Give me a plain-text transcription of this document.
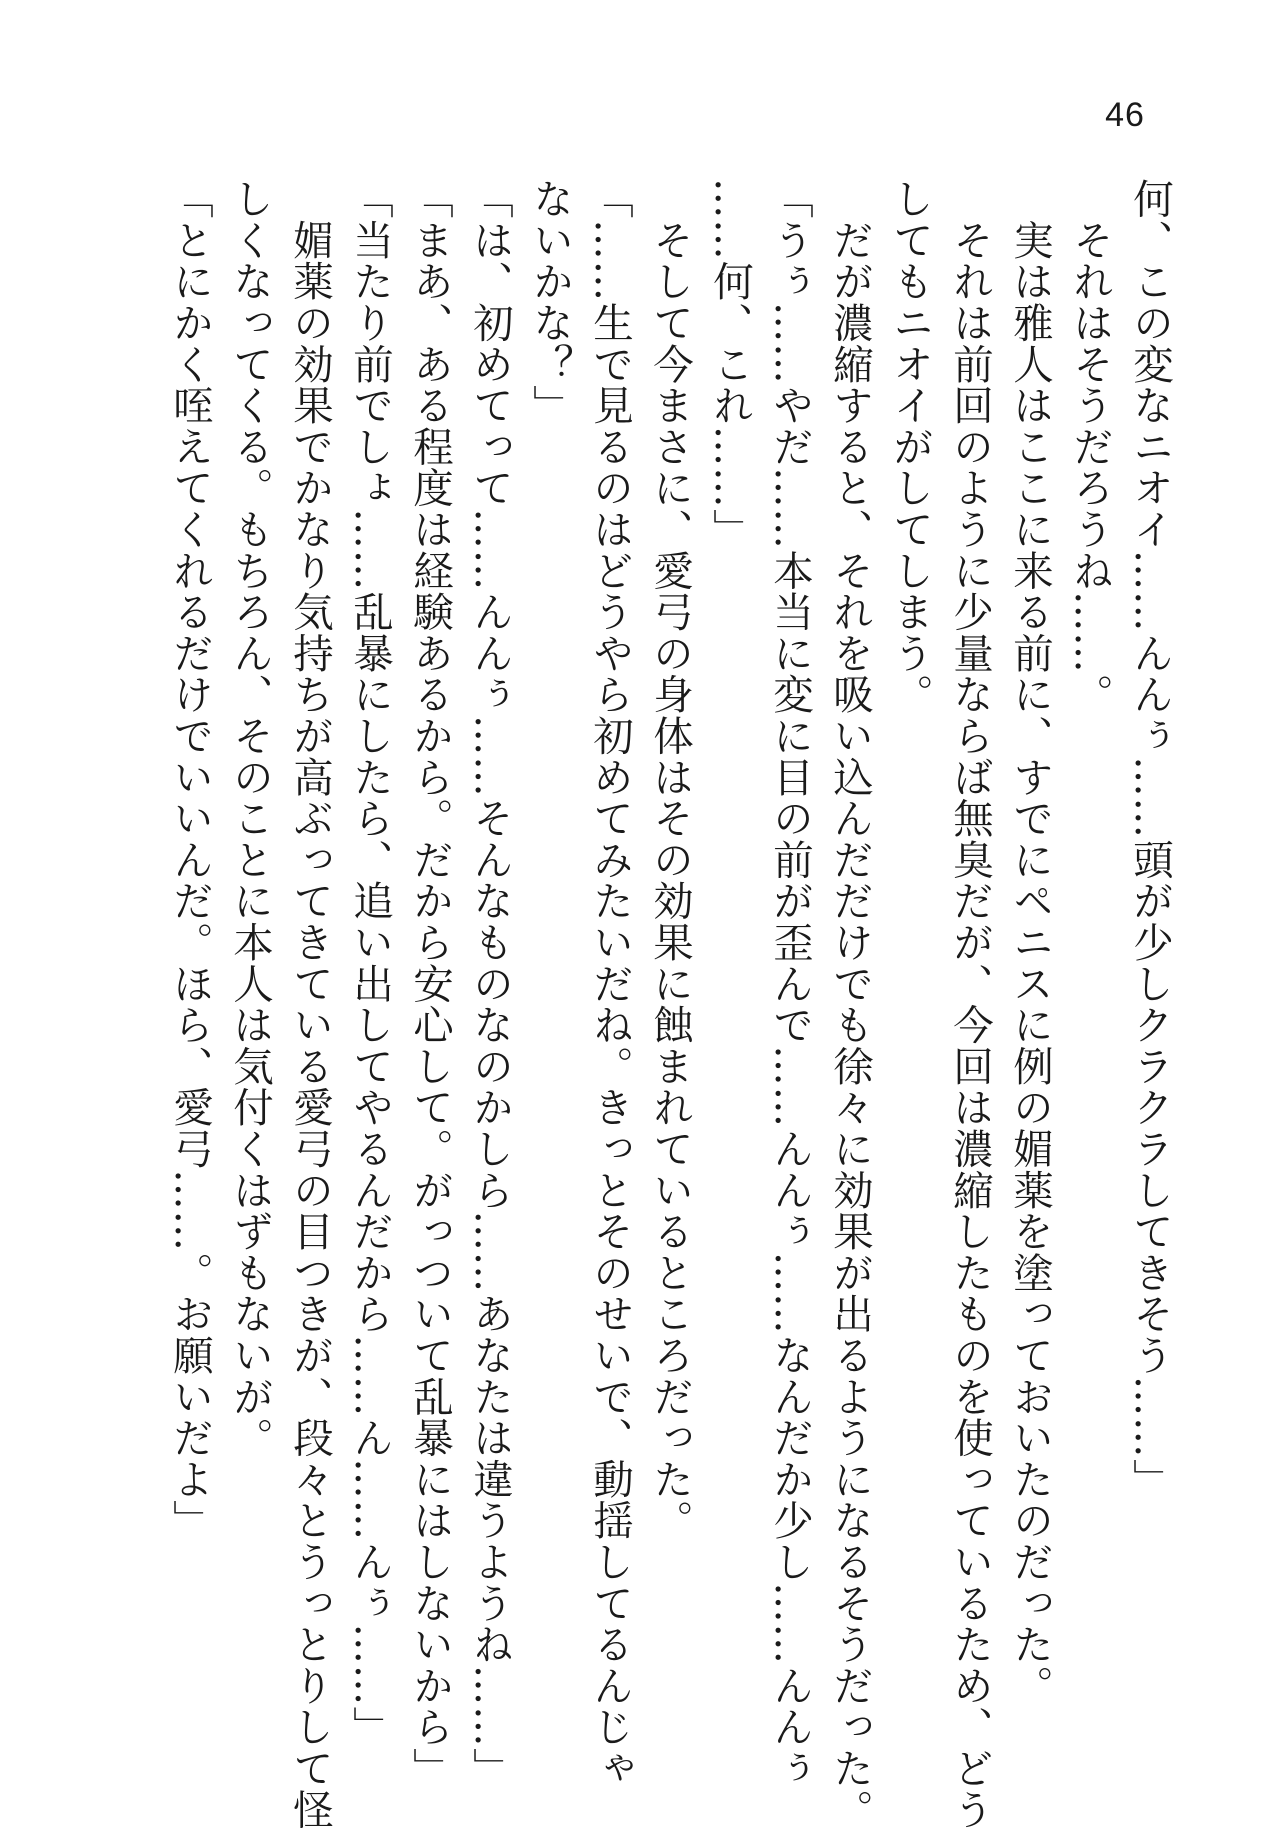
46
何、この変なニオイ……んんぅ……頭が少しクラクラしてきそう……」
　それはそうだろうね……。
　実は雅人はここに来る前に、すでにペニスに例の媚薬を塗っておいたのだった。
　それは前回のように少量ならば無臭だが、今回は濃縮したものを使っているため、どう
してもニオイがしてしまう。
　だが濃縮すると、それを吸い込んだだけでも徐々に効果が出るようになるそうだった。
「うぅ……やだ……本当に変に目の前が歪んで……んんぅ……なんだか少し……んんぅ
……何、これ……」
　そして今まさに、愛弓の身体はその効果に蝕まれているところだった。
「……生で見るのはどうやら初めてみたいだね。きっとそのせいで、動揺してるんじゃ
ないかな？」
「は、初めてって……んんぅ……そんなものなのかしら……あなたは違うようね……」
「まあ、ある程度は経験あるから。だから安心して。がっついて乱暴にはしないから」
「当たり前でしょ……乱暴にしたら、追い出してやるんだから……ん……んぅ……」
　媚薬の効果でかなり気持ちが高ぶってきている愛弓の目つきが、段々とうっとりして怪
しくなってくる。もちろん、そのことに本人は気付くはずもないが。
「とにかく咥えてくれるだけでいいんだ。ほら、愛弓……。お願いだよ」
